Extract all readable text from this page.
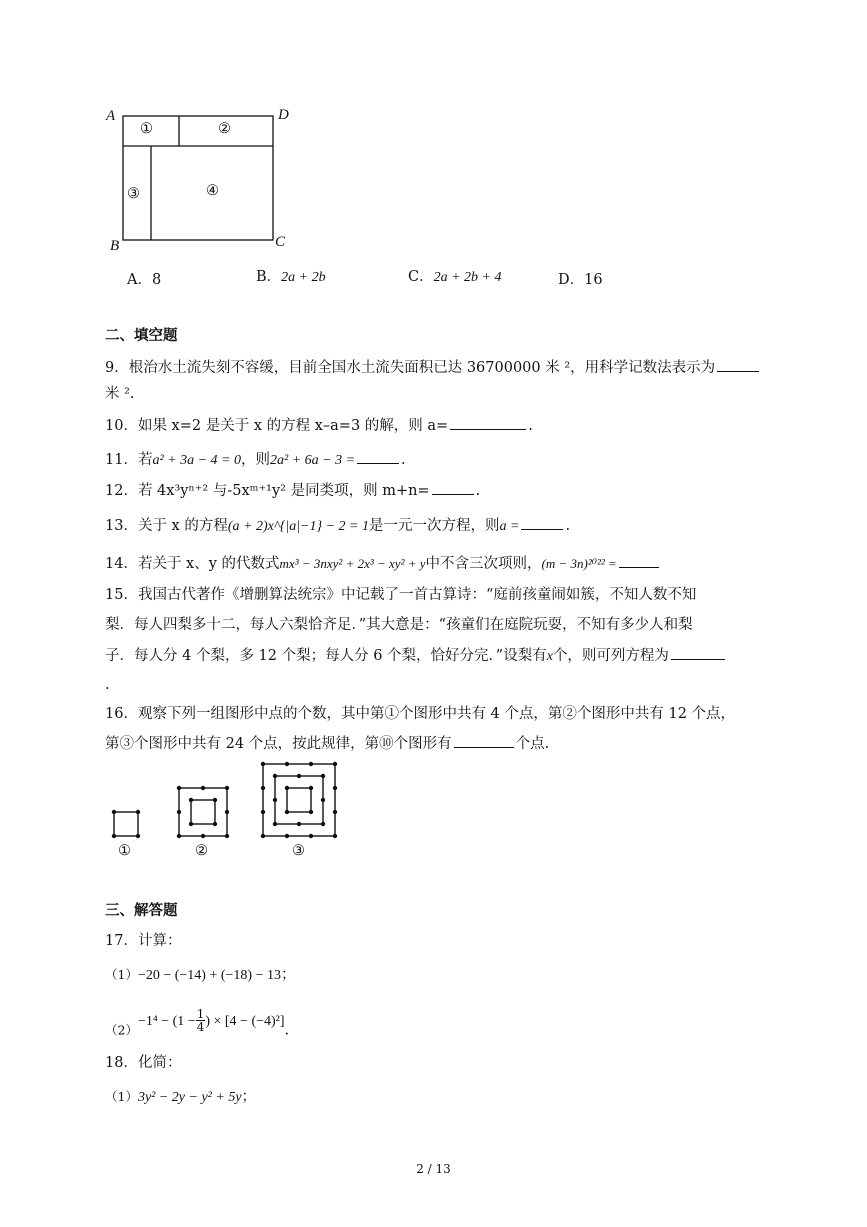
A	D
B	C
①	②
③	④
A．8	B．2a + 2b	C．2a + 2b + 4	D．16
二、填空题
9．根治水土流失刻不容缓，目前全国水土流失面积已达 36700000 米 ²，用科学记数法表示为
米 ².
10．如果 x=2 是关于 x 的方程 x–a=3 的解，则 a=	.
11．若a² + 3a − 4 = 0，则2a² + 6a − 3 =	.
12．若 4x³yⁿ⁺² 与-5xᵐ⁺¹y² 是同类项，则 m+n=	.
13．关于 x 的方程(a + 2)x^{|a|−1} − 2 = 1是一元一次方程，则a =	.
14．若关于 x、y 的代数式mx³ − 3nxy² + 2x³ − xy² + y中不含三次项则，(m − 3n)²⁰²² =
15．我国古代著作《增删算法统宗》中记载了一首古算诗：“庭前孩童闹如簇，不知人数不知
梨．每人四梨多十二，每人六梨恰齐足．”其大意是：“孩童们在庭院玩耍，不知有多少人和梨
子．每人分 4 个梨，多 12 个梨；每人分 6 个梨，恰好分完．”设梨有x个，则可列方程为
.
16．观察下列一组图形中点的个数，其中第①个图形中共有 4 个点，第②个图形中共有 12 个点，
第③个图形中共有 24 个点，按此规律，第⑩个图形有	个点.
①	②	③
三、解答题
17．计算：
（1）−20 − (−14) + (−18) − 13；
$(2)-1^4 - (1 - \frac{1}{4}$ ) × [4 − (−4)²].
18．化简：
（1）3y² − 2y − y² + 5y；
2 / 13
